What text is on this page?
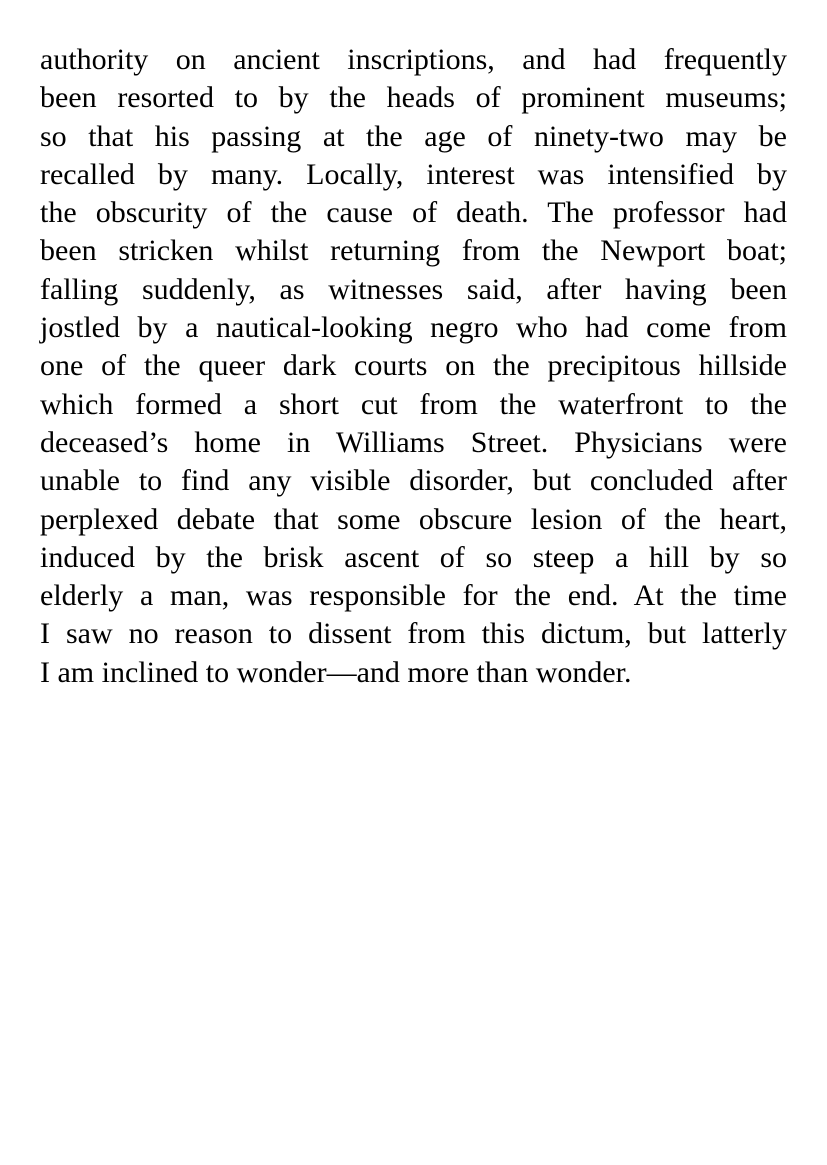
authority on ancient inscriptions, and had frequently
been resorted to by the heads of prominent museums;
so that his passing at the age of ninety-two may be
recalled by many. Locally, interest was intensified by
the obscurity of the cause of death. The professor had
been stricken whilst returning from the Newport boat;
falling suddenly, as witnesses said, after having been
jostled by a nautical-looking negro who had come from
one of the queer dark courts on the precipitous hillside
which formed a short cut from the waterfront to the
deceased’s home in Williams Street. Physicians were
unable to find any visible disorder, but concluded after
perplexed debate that some obscure lesion of the heart,
induced by the brisk ascent of so steep a hill by so
elderly a man, was responsible for the end. At the time
I saw no reason to dissent from this dictum, but latterly
I am inclined to wonder—and more than wonder.
